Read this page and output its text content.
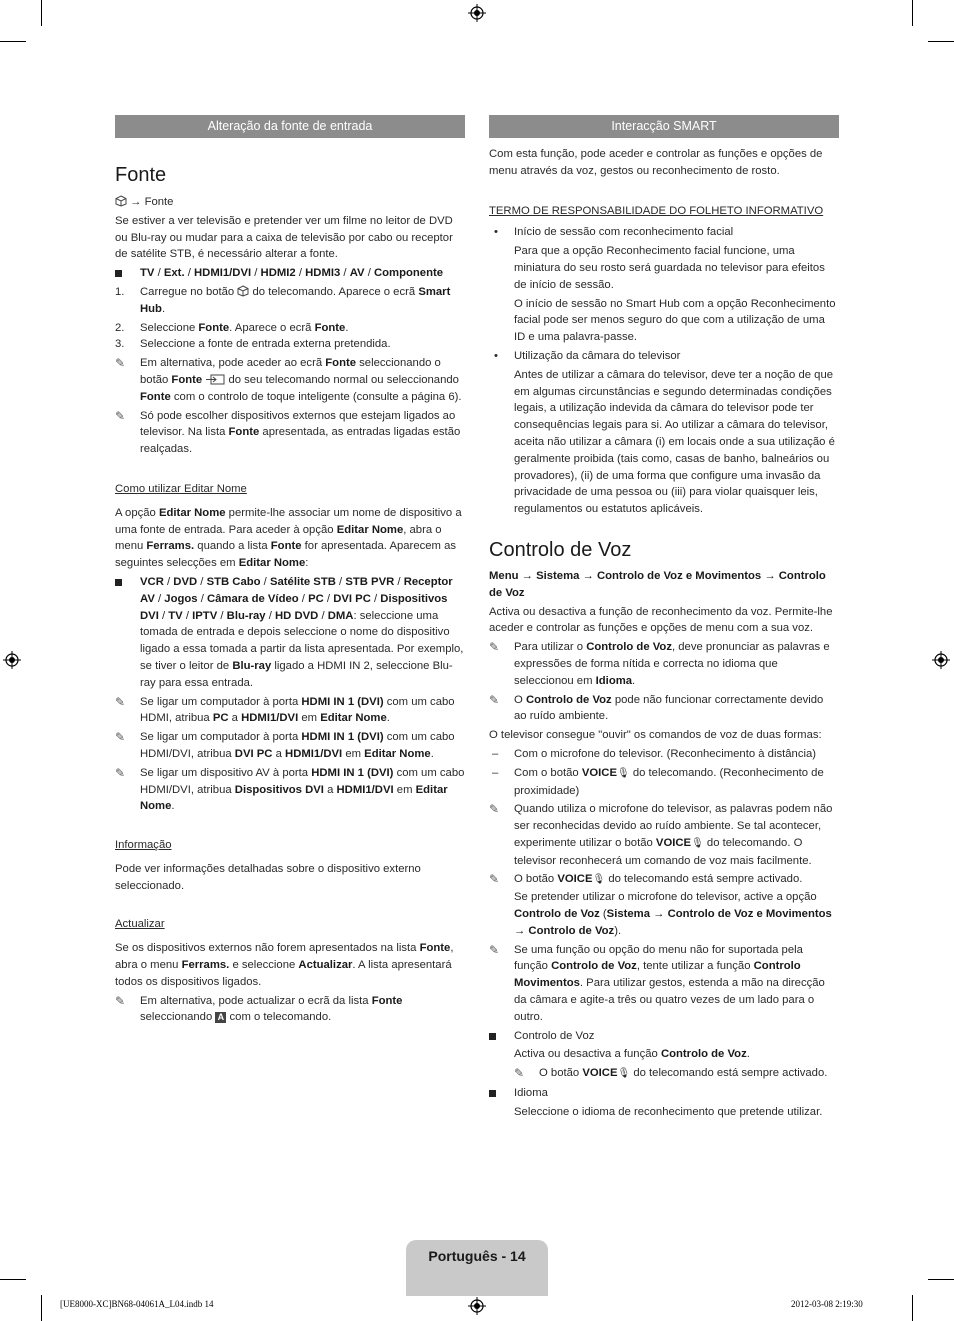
Alteração da fonte de entrada
Fonte

→ Fonte

Se estiver a ver televisão e pretender ver um filme no leitor de DVD ou Blu-ray ou mudar para a caixa de televisão por cabo ou receptor de satélite STB, é necessário alterar a fonte.

TV / Ext. / HDMI1/DVI / HDMI2 / HDMI3 / AV / Componente
1.	Carregue no botão do telecomando. Aparece o ecrã Smart Hub.
2.	Seleccione Fonte. Aparece o ecrã Fonte.
3.	Seleccione a fonte de entrada externa pretendida.
✎	Em alternativa, pode aceder ao ecrã Fonte seleccionando o botão Fonte do seu telecomando normal ou seleccionando Fonte com o controlo de toque inteligente (consulte a página 6).
✎	Só pode escolher dispositivos externos que estejam ligados ao televisor. Na lista Fonte apresentada, as entradas ligadas estão realçadas.

Como utilizar Editar Nome

A opção Editar Nome permite-lhe associar um nome de dispositivo a uma fonte de entrada. Para aceder à opção Editar Nome, abra o menu Ferrams. quando a lista Fonte for apresentada. Aparecem as seguintes selecções em Editar Nome:

VCR / DVD / STB Cabo / Satélite STB / STB PVR / Receptor AV / Jogos / Câmara de Vídeo / PC / DVI PC / Dispositivos DVI / TV / IPTV / Blu-ray / HD DVD / DMA: seleccione uma tomada de entrada e depois seleccione o nome do dispositivo ligado a essa tomada a partir da lista apresentada. Por exemplo, se tiver o leitor de Blu-ray ligado a HDMI IN 2, seleccione Blu-ray para essa entrada.
✎	Se ligar um computador à porta HDMI IN 1 (DVI) com um cabo HDMI, atribua PC a HDMI1/DVI em Editar Nome.
✎	Se ligar um computador à porta HDMI IN 1 (DVI) com um cabo HDMI/DVI, atribua DVI PC a HDMI1/DVI em Editar Nome.
✎	Se ligar um dispositivo AV à porta HDMI IN 1 (DVI) com um cabo HDMI/DVI, atribua Dispositivos DVI a HDMI1/DVI em Editar Nome.

Informação

Pode ver informações detalhadas sobre o dispositivo externo seleccionado.

Actualizar

Se os dispositivos externos não forem apresentados na lista Fonte, abra o menu Ferrams. e seleccione Actualizar. A lista apresentará todos os dispositivos ligados.

✎	Em alternativa, pode actualizar o ecrã da lista Fonte seleccionando A com o telecomando.
Interacção SMART

Com esta função, pode aceder e controlar as funções e opções de menu através da voz, gestos ou reconhecimento de rosto.

TERMO DE RESPONSABILIDADE DO FOLHETO INFORMATIVO

•	Início de sessão com reconhecimento facial

Para que a opção Reconhecimento facial funcione, uma miniatura do seu rosto será guardada no televisor para efeitos de início de sessão.

O início de sessão no Smart Hub com a opção Reconhecimento facial pode ser menos seguro do que com a utilização de uma ID e uma palavra-passe.

•	Utilização da câmara do televisor

Antes de utilizar a câmara do televisor, deve ter a noção de que em algumas circunstâncias e segundo determinadas condições legais, a utilização indevida da câmara do televisor pode ter consequências legais para si. Ao utilizar a câmara do televisor, aceita não utilizar a câmara (i) em locais onde a sua utilização é geralmente proibida (tais como, casas de banho, balneários ou provadores), (ii) de uma forma que configure uma invasão da privacidade de uma pessoa ou (iii) para violar quaisquer leis, regulamentos ou estatutos aplicáveis.

Controlo de Voz

Menu → Sistema → Controlo de Voz e Movimentos → Controlo de Voz

Activa ou desactiva a função de reconhecimento da voz. Permite-lhe aceder e controlar as funções e opções de menu com a sua voz.

✎	Para utilizar o Controlo de Voz, deve pronunciar as palavras e expressões de forma nítida e correcta no idioma que seleccionou em Idioma.
✎	O Controlo de Voz pode não funcionar correctamente devido ao ruído ambiente.

O televisor consegue "ouvir" os comandos de voz de duas formas:

–	Com o microfone do televisor. (Reconhecimento à distância)
–	Com o botão VOICE🎙 do telecomando. (Reconhecimento de proximidade)
✎	Quando utiliza o microfone do televisor, as palavras podem não ser reconhecidas devido ao ruído ambiente. Se tal acontecer, experimente utilizar o botão VOICE🎙 do telecomando. O televisor reconhecerá um comando de voz mais facilmente.
✎	O botão VOICE🎙 do telecomando está sempre activado.
Se pretender utilizar o microfone do televisor, active a opção Controlo de Voz (Sistema → Controlo de Voz e Movimentos → Controlo de Voz).
✎	Se uma função ou opção do menu não for suportada pela função Controlo de Voz, tente utilizar a função Controlo Movimentos. Para utilizar gestos, estenda a mão na direcção da câmara e agite-a três ou quatro vezes de um lado para o outro.
Controlo de Voz

Activa ou desactiva a função Controlo de Voz.

✎	O botão VOICE🎙 do telecomando está sempre activado.
Idioma

Seleccione o idioma de reconhecimento que pretende utilizar.

Português - 14
[UE8000-XC]BN68-04061A_L04.indb 14	2012-03-08 2:19:30
